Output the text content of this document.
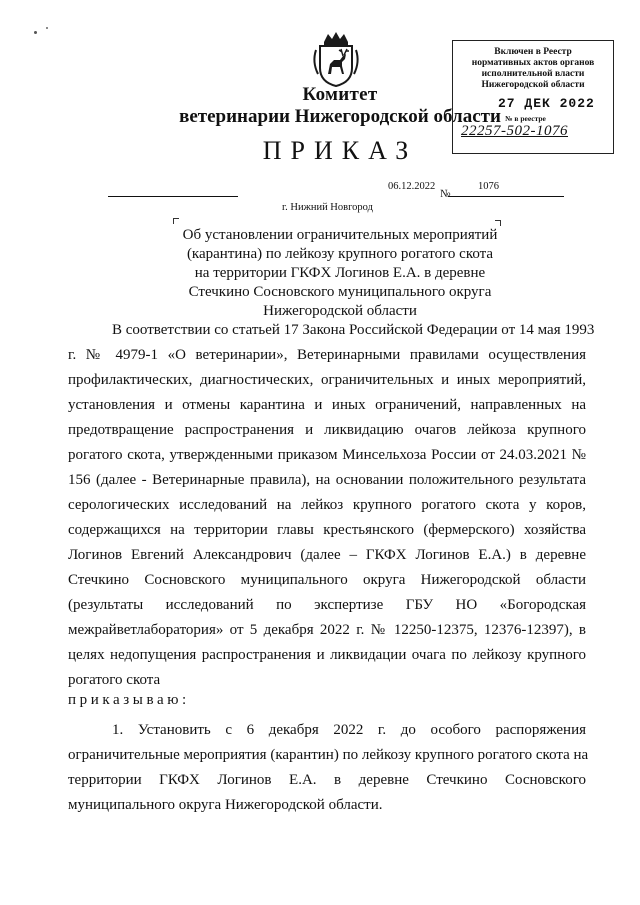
Комитет
ветеринарии Нижегородской области
ПРИКАЗ
Включен в Реестр
нормативных актов органов
исполнительной власти
Нижегородской области
27 ДЕК 2022
№ в реестре
22257-502-1076
06.12.2022
№
1076
г. Нижний Новгород
Об установлении ограничительных мероприятий
(карантина) по лейкозу крупного рогатого скота
на территории ГКФХ Логинов Е.А. в деревне
Стечкино Сосновского муниципального округа
Нижегородской области
В соответствии со статьей 17 Закона Российской Федерации от 14 мая 1993
г. № 4979-1 «О ветеринарии», Ветеринарными правилами осуществления
профилактических, диагностических, ограничительных и иных мероприятий,
установления и отмены карантина и иных ограничений, направленных на
предотвращение распространения и ликвидацию очагов лейкоза крупного
рогатого скота, утвержденными приказом Минсельхоза России от 24.03.2021 №
156 (далее - Ветеринарные правила), на основании положительного результата
серологических исследований на лейкоз крупного рогатого скота у коров,
содержащихся на территории главы крестьянского (фермерского) хозяйства
Логинов Евгений Александрович (далее – ГКФХ Логинов Е.А.) в деревне
Стечкино Сосновского муниципального округа Нижегородской области
(результаты исследований по экспертизе ГБУ НО «Богородская
межрайветлаборатория» от 5 декабря 2022 г. № 12250-12375, 12376-12397), в
целях недопущения распространения и ликвидации очага по лейкозу крупного
рогатого скота
приказываю:
1. Установить с 6 декабря 2022 г. до особого распоряжения
ограничительные мероприятия (карантин) по лейкозу крупного рогатого скота на
территории ГКФХ Логинов Е.А. в деревне Стечкино Сосновского
муниципального округа Нижегородской области.
